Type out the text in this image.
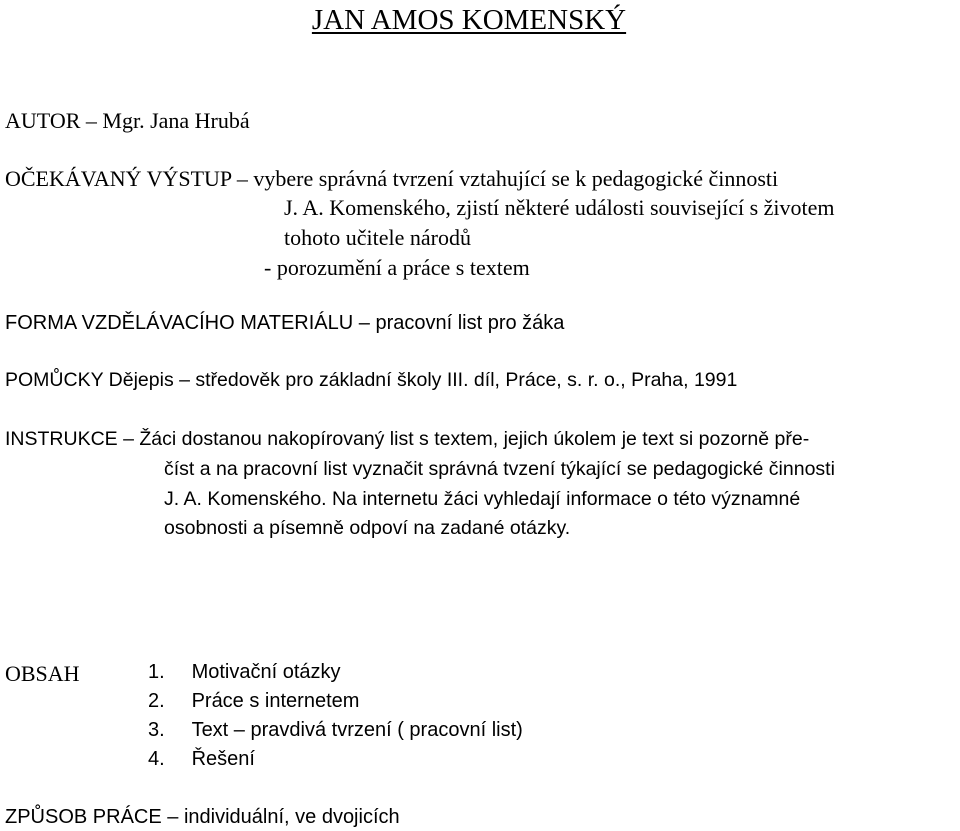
JAN AMOS KOMENSKÝ
AUTOR – Mgr. Jana Hrubá
OČEKÁVANÝ VÝSTUP – vybere správná tvrzení vztahující se k pedagogické činnosti
J. A. Komenského, zjistí některé události související s životem
tohoto učitele národů
- porozumění a práce s textem
FORMA VZDĚLÁVACÍHO MATERIÁLU – pracovní list pro žáka
POMŮCKY Dějepis – středověk pro základní školy III. díl, Práce, s. r. o., Praha, 1991
INSTRUKCE – Žáci dostanou nakopírovaný list s textem, jejich úkolem je text si pozorně pře-
číst a na pracovní list vyznačit správná tvzení týkající se pedagogické činnosti
J. A. Komenského. Na internetu žáci vyhledají informace o této významné
osobnosti a písemně odpoví na zadané otázky.
OBSAH	1. Motivační otázky
2. Práce s internetem
3. Text – pravdivá tvrzení ( pracovní list)
4. Řešení
ZPŮSOB PRÁCE – individuální, ve dvojicích
